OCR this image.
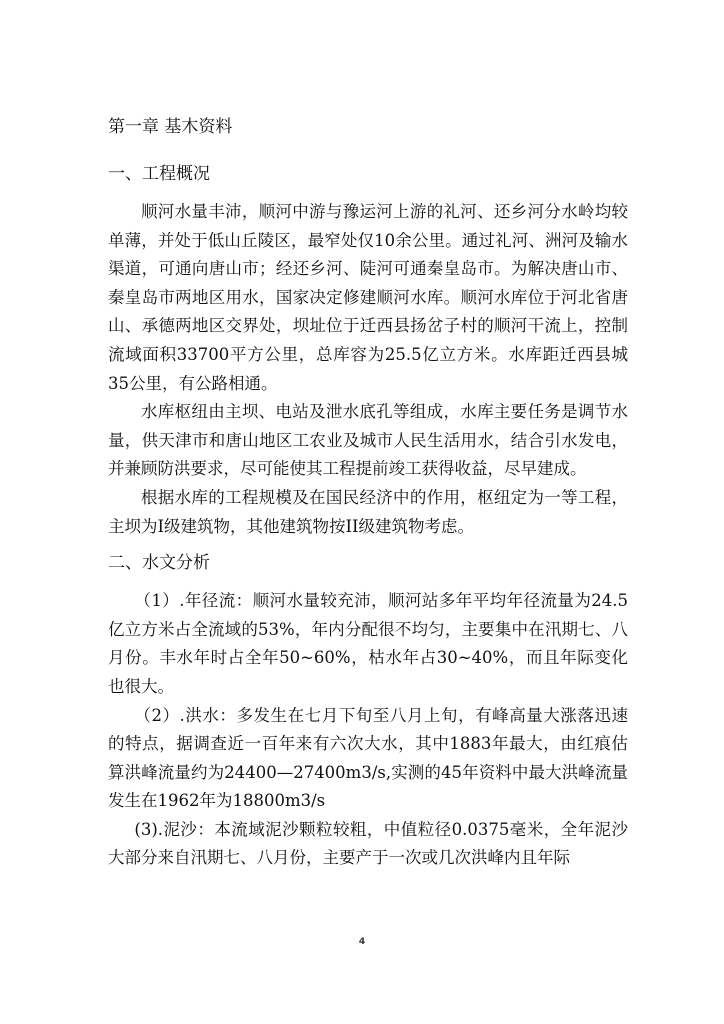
第一章 基木资料

一、工程概况

顺河水量丰沛，顺河中游与豫运河上游的礼河、还乡河分水岭均较单薄，并处于低山丘陵区，最窄处仅10余公里。通过礼河、洲河及输水渠道，可通向唐山市；经还乡河、陡河可通秦皇岛市。为解决唐山市、秦皇岛市两地区用水，国家决定修建顺河水库。顺河水库位于河北省唐山、承德两地区交界处，坝址位于迁西县扬岔子村的顺河干流上，控制流域面积33700平方公里，总库容为25.5亿立方米。水库距迁西县城35公里，有公路相通。

水库枢纽由主坝、电站及泄水底孔等组成，水库主要任务是调节水量，供天津市和唐山地区工农业及城市人民生活用水，结合引水发电，并兼顾防洪要求，尽可能使其工程提前竣工获得收益，尽早建成。

根据水库的工程规模及在国民经济中的作用，枢纽定为一等工程，主坝为I级建筑物，其他建筑物按II级建筑物考虑。

二、水文分析

（1）.年径流：顺河水量较充沛，顺河站多年平均年径流量为24.5亿立方米占全流域的53%，年内分配很不均匀，主要集中在汛期七、八月份。丰水年时占全年50~60%，枯水年占30~40%，而且年际变化也很大。

（2）.洪水：多发生在七月下旬至八月上旬，有峰高量大涨落迅速的特点，据调查近一百年来有六次大水，其中1883年最大，由红痕估算洪峰流量约为24400—27400m3/s,实测的45年资料中最大洪峰流量发生在1962年为18800m3/s

(3).泥沙：本流域泥沙颗粒较粗，中值粒径0.0375毫米，全年泥沙大部分来自汛期七、八月份，主要产于一次或几次洪峰内且年际

4
